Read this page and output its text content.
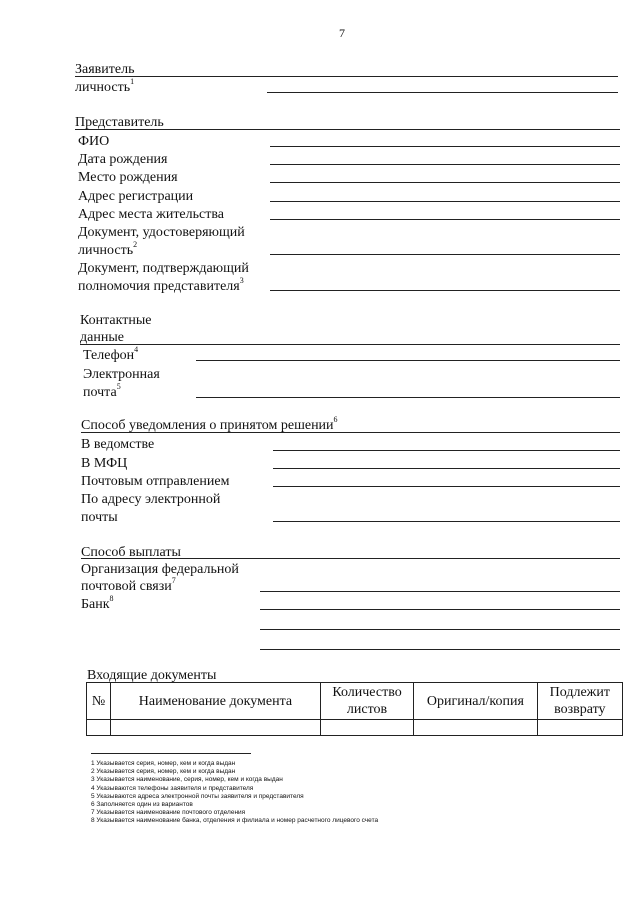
7
Заявитель
личность$^1$
Представитель
ФИО
Дата рождения
Место рождения
Адрес регистрации
Адрес места жительства
Документ, удостоверяющий
личность$^2$
Документ, подтверждающий
полномочия представителя$^3$
Контактные
данные
Телефон$^4$
Электронная
почта$^5$
Способ уведомления о принятом решении$^6$
В ведомстве
В МФЦ
Почтовым отправлением
По адресу электронной
почты
Способ выплаты
Организация федеральной
почтовой связи$^7$
Банк$^8$
Входящие документы
№	Наименование документа	Количество листов	Оригинал/копия	Подлежит возврату

1 Указывается серия, номер, кем и когда выдан
2 Указывается серия, номер, кем и когда выдан
3 Указывается наименование, серия, номер, кем и когда выдан
4 Указываются телефоны заявителя и представителя
5 Указываются адреса электронной почты заявителя и представителя
6 Заполняется один из вариантов
7 Указывается наименование почтового отделения
8 Указывается наименование банка, отделения и филиала и номер расчетного лицевого счета
